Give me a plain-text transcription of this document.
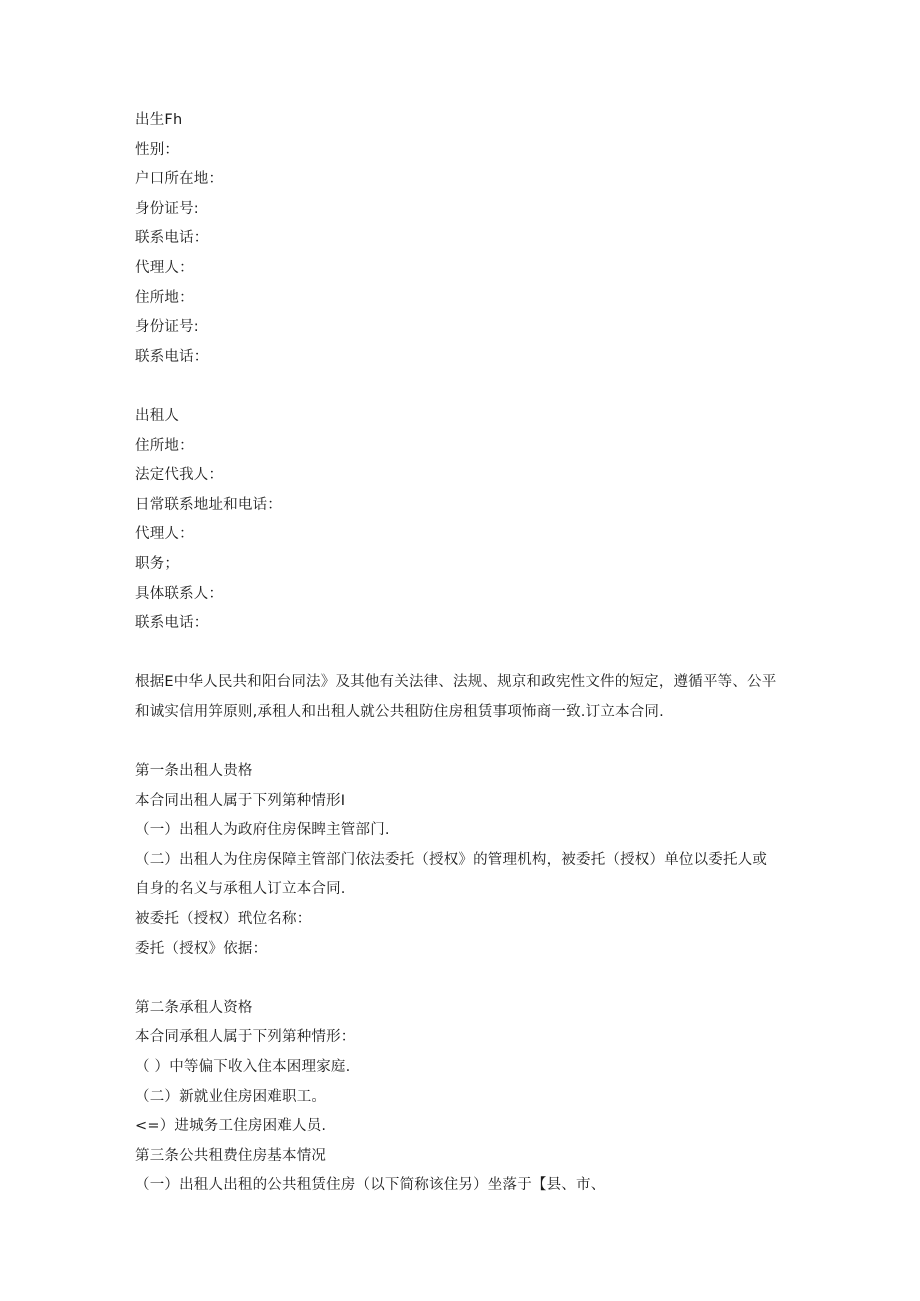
出生Fh
性别：
户口所在地：
身份证号:
联系电话：
代理人：
住所地：
身份证号:
联系电话：
出租人
住所地：
法定代我人：
日常联系地址和电话：
代理人：
职务；
具体联系人：
联系电话：
根据E中华人民共和阳台同法》及其他有关法律、法规、规京和政宪性文件的短定，遵循平等、公平
和诚实信用笄原则,承租人和出租人就公共租防住房租赁事项怖商一致.订立本合同.
第一条出租人贵格
本合同出租人属于下列第种情形I
（一）出租人为政府住房保睥主管部门.
（二）出租人为住房保障主管部门依法委托（授权》的管理机构，被委托（授权）单位以委托人或
自身的名义与承租人订立本合同.
被委托（授权）玳位名称：
委托（授权》依据：
第二条承租人资格
本合同承租人属于下列第种情形：
（ ）中等偏下收入住本困理家庭.
（二）新就业住房困难职工。
<=）进城务工住房困难人员.
第三条公共租费住房基本情况
（一）出租人出租的公共租赁住房（以下简称该住另）坐落于【县、市、
